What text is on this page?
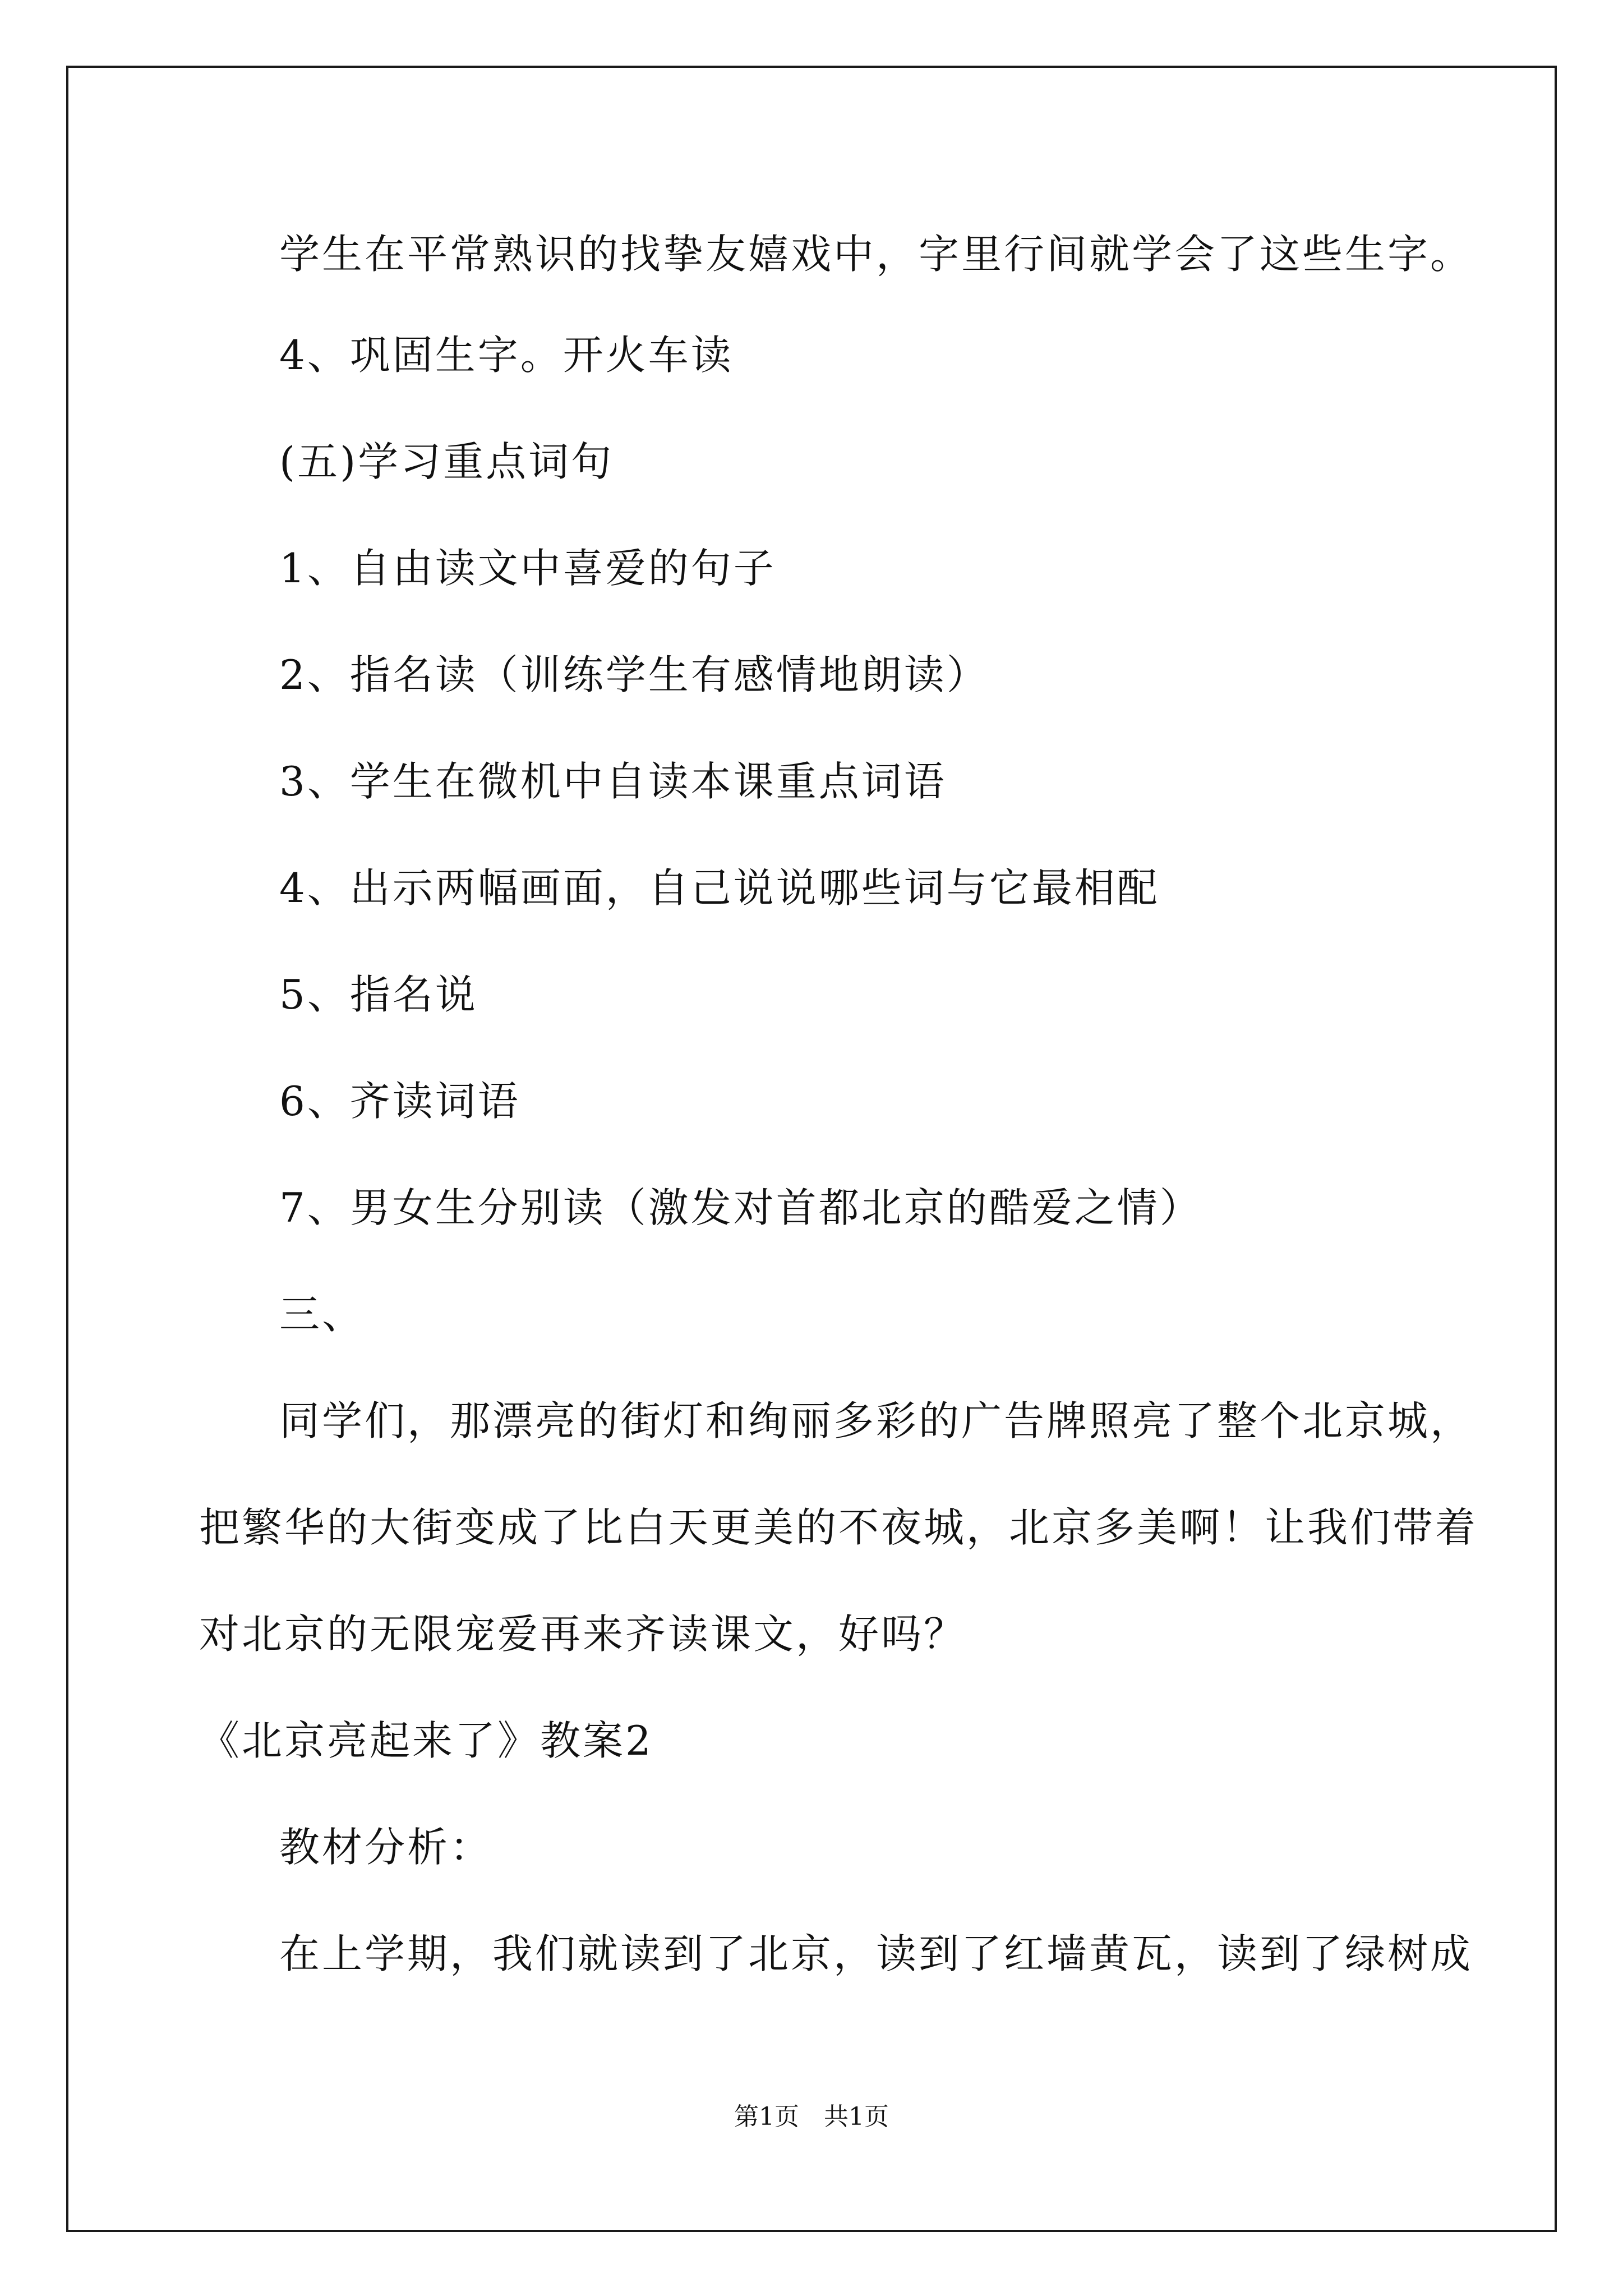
学生在平常熟识的找挚友嬉戏中，字里行间就学会了这些生字。
4、巩固生字。开火车读
(五)学习重点词句
1、自由读文中喜爱的句子
2、指名读（训练学生有感情地朗读）
3、学生在微机中自读本课重点词语
4、出示两幅画面，自己说说哪些词与它最相配
5、指名说
6、齐读词语
7、男女生分别读（激发对首都北京的酷爱之情）
三、
同学们，那漂亮的街灯和绚丽多彩的广告牌照亮了整个北京城，
把繁华的大街变成了比白天更美的不夜城，北京多美啊！让我们带着
对北京的无限宠爱再来齐读课文，好吗？
《北京亮起来了》教案2
教材分析：
在上学期，我们就读到了北京，读到了红墙黄瓦，读到了绿树成
第1页　共1页
